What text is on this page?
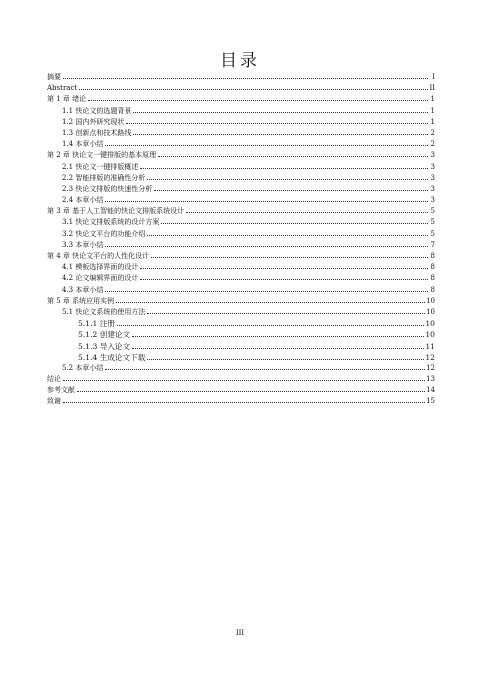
目录
摘要	I
Abstract	II
第 1 章 绪论	1
1.1 快论文的选题背景	1
1.2 国内外研究现状	1
1.3 创新点和技术路线	2
1.4 本章小结	2
第 2 章 快论文一键排版的基本原理	3
2.1 快论文一键排版概述	3
2.2 智能排版的准确性分析	3
2.3 快论文排版的快速性分析	3
2.4 本章小结	3
第 3 章 基于人工智能的快论文排版系统设计	5
3.1 快论文排版系统的设计方案	5
3.2 快论文平台的功能介绍	5
3.3 本章小结	7
第 4 章 快论文平台的人性化设计	8
4.1 模板选择界面的设计	8
4.2 论文编辑界面的设计	8
4.3 本章小结	8
第 5 章 系统应用实例	10
5.1 快论文系统的使用方法	10
5.1.1 注册	10
5.1.2 创建论文	10
5.1.3 导入论文	11
5.1.4 生成论文下载	12
5.2 本章小结	12
结论	13
参考文献	14
致谢	15
III
